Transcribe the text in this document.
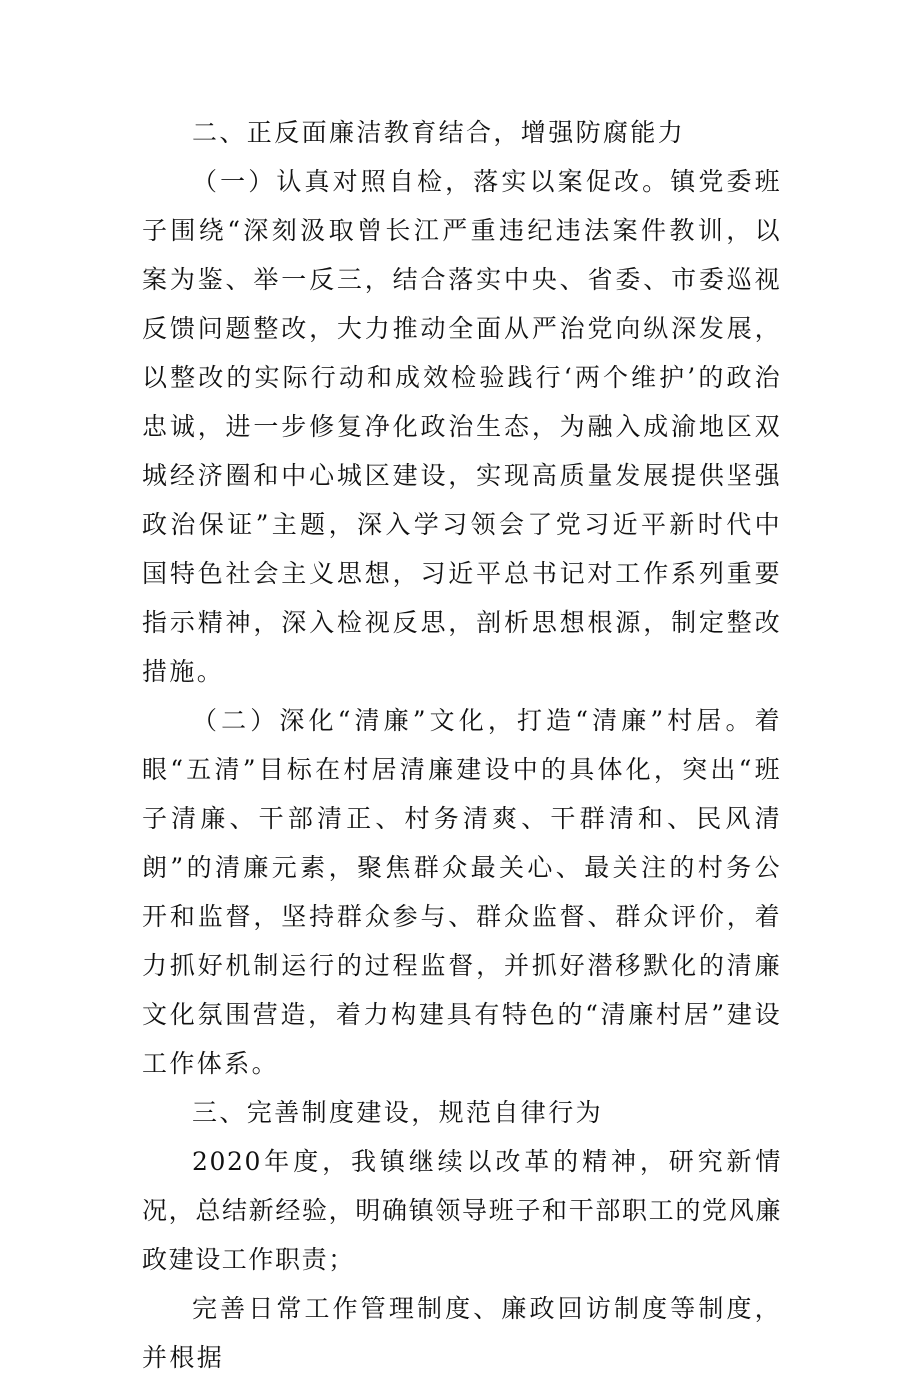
二、正反面廉洁教育结合，增强防腐能力

（一）认真对照自检，落实以案促改。镇党委班子围绕“深刻汲取曾长江严重违纪违法案件教训，以案为鉴、举一反三，结合落实中央、省委、市委巡视反馈问题整改，大力推动全面从严治党向纵深发展，以整改的实际行动和成效检验践行‘两个维护’的政治忠诚，进一步修复净化政治生态，为融入成渝地区双城经济圈和中心城区建设，实现高质量发展提供坚强政治保证”主题，深入学习领会了党习近平新时代中国特色社会主义思想，习近平总书记对工作系列重要指示精神，深入检视反思，剖析思想根源，制定整改措施。

（二）深化“清廉”文化，打造“清廉”村居。着眼“五清”目标在村居清廉建设中的具体化，突出“班子清廉、干部清正、村务清爽、干群清和、民风清朗”的清廉元素，聚焦群众最关心、最关注的村务公开和监督，坚持群众参与、群众监督、群众评价，着力抓好机制运行的过程监督，并抓好潜移默化的清廉文化氛围营造，着力构建具有特色的“清廉村居”建设工作体系。

三、完善制度建设，规范自律行为

2020年度，我镇继续以改革的精神，研究新情况，总结新经验，明确镇领导班子和干部职工的党风廉政建设工作职责；

完善日常工作管理制度、廉政回访制度等制度，并根据
